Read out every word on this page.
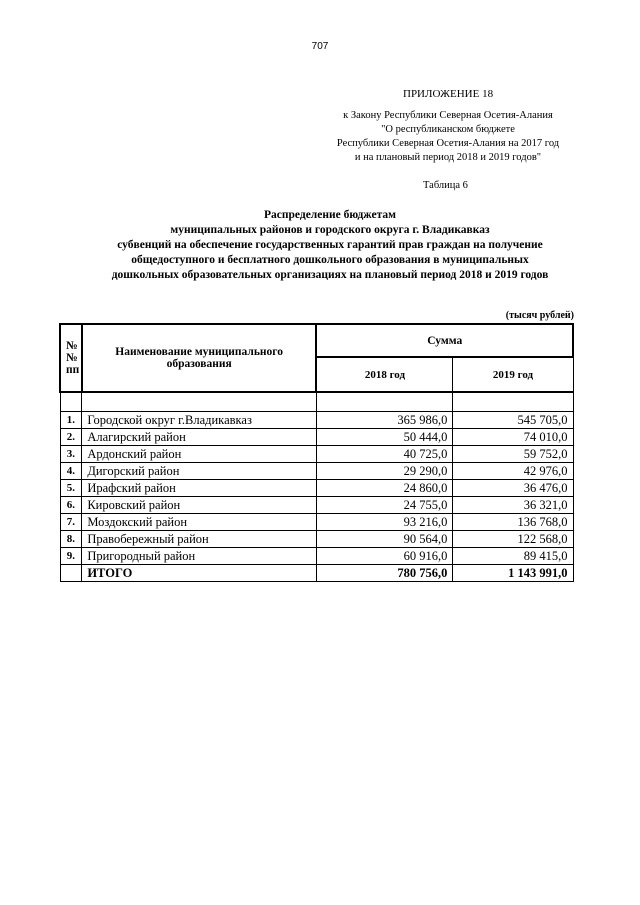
707
ПРИЛОЖЕНИЕ 18
к Закону Республики Северная Осетия-Алания
"О республиканском бюджете
Республики Северная Осетия-Алания на 2017 год
и на плановый период 2018 и 2019 годов"
Таблица 6
Распределение бюджетам
муниципальных районов и городского округа г. Владикавказ
субвенций на обеспечение государственных гарантий прав граждан на получение
общедоступного и бесплатного дошкольного образования в муниципальных
дошкольных образовательных организациях на плановый период 2018 и 2019 годов
(тысяч рублей)
№№ пп	Наименование муниципального образования	Сумма	
		2018 год	2019 год

1.	Городской округ г.Владикавказ	365 986,0	545 705,0
2.	Алагирский район	50 444,0	74 010,0
3.	Ардонский район	40 725,0	59 752,0
4.	Дигорский район	29 290,0	42 976,0
5.	Ирафский район	24 860,0	36 476,0
6.	Кировский район	24 755,0	36 321,0
7.	Моздокский район	93 216,0	136 768,0
8.	Правобережный район	90 564,0	122 568,0
9.	Пригородный район	60 916,0	89 415,0
	ИТОГО	780 756,0	1 143 991,0
